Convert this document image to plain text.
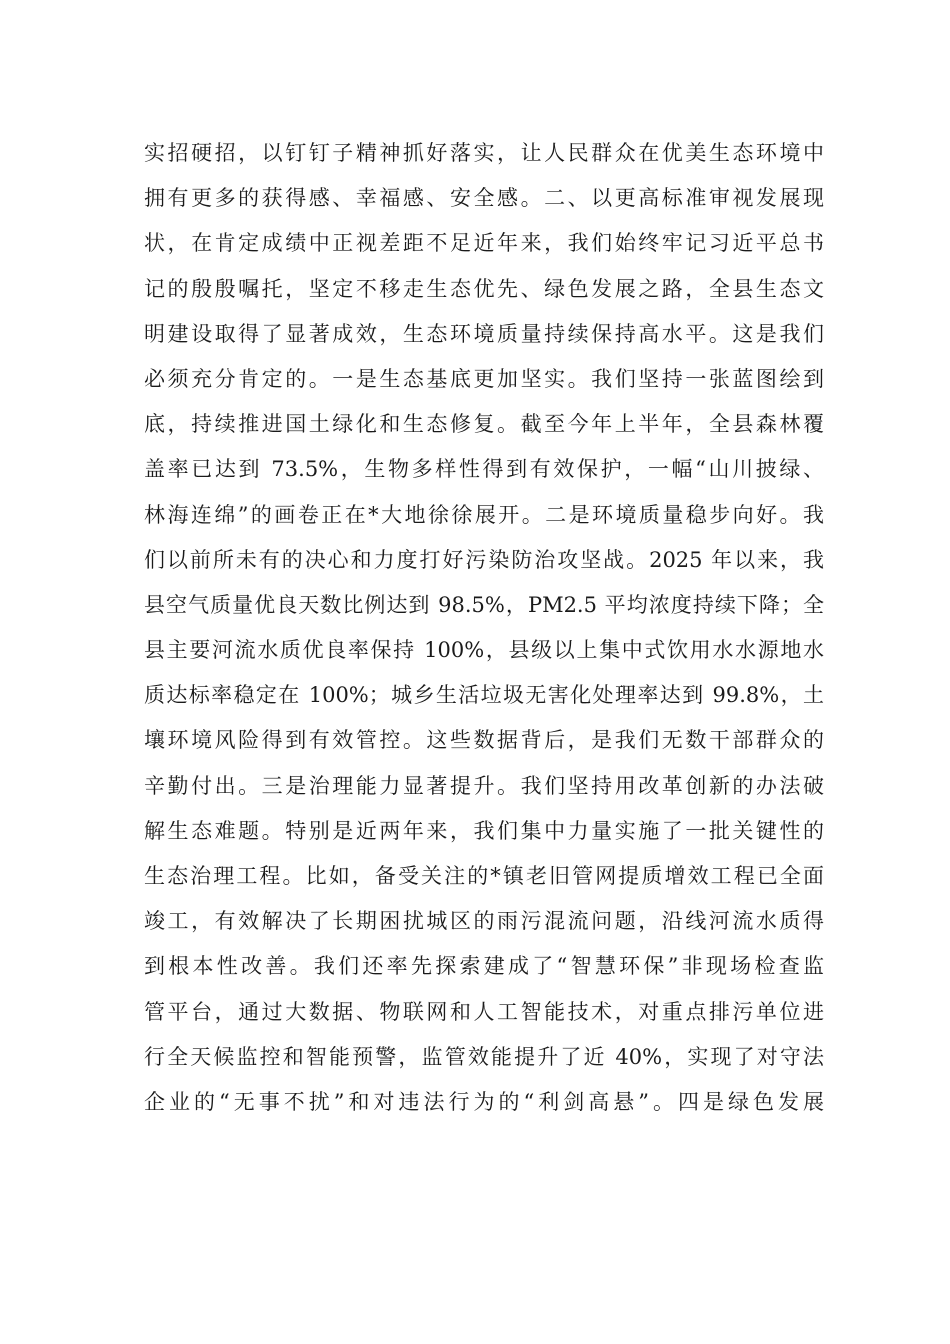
实招硬招，以钉钉子精神抓好落实，让人民群众在优美生态环境中
拥有更多的获得感、幸福感、安全感。二、以更高标准审视发展现
状，在肯定成绩中正视差距不足近年来，我们始终牢记习近平总书
记的殷殷嘱托，坚定不移走生态优先、绿色发展之路，全县生态文
明建设取得了显著成效，生态环境质量持续保持高水平。这是我们
必须充分肯定的。一是生态基底更加坚实。我们坚持一张蓝图绘到
底，持续推进国土绿化和生态修复。截至今年上半年，全县森林覆
盖率已达到 73.5%，生物多样性得到有效保护，一幅“山川披绿、
林海连绵”的画卷正在*大地徐徐展开。二是环境质量稳步向好。我
们以前所未有的决心和力度打好污染防治攻坚战。2025 年以来，我
县空气质量优良天数比例达到 98.5%，PM2.5 平均浓度持续下降；全
县主要河流水质优良率保持 100%，县级以上集中式饮用水水源地水
质达标率稳定在 100%；城乡生活垃圾无害化处理率达到 99.8%，土
壤环境风险得到有效管控。这些数据背后，是我们无数干部群众的
辛勤付出。三是治理能力显著提升。我们坚持用改革创新的办法破
解生态难题。特别是近两年来，我们集中力量实施了一批关键性的
生态治理工程。比如，备受关注的*镇老旧管网提质增效工程已全面
竣工，有效解决了长期困扰城区的雨污混流问题，沿线河流水质得
到根本性改善。我们还率先探索建成了“智慧环保”非现场检查监
管平台，通过大数据、物联网和人工智能技术，对重点排污单位进
行全天候监控和智能预警，监管效能提升了近 40%，实现了对守法
企业的“无事不扰”和对违法行为的“利剑高悬”。四是绿色发展
